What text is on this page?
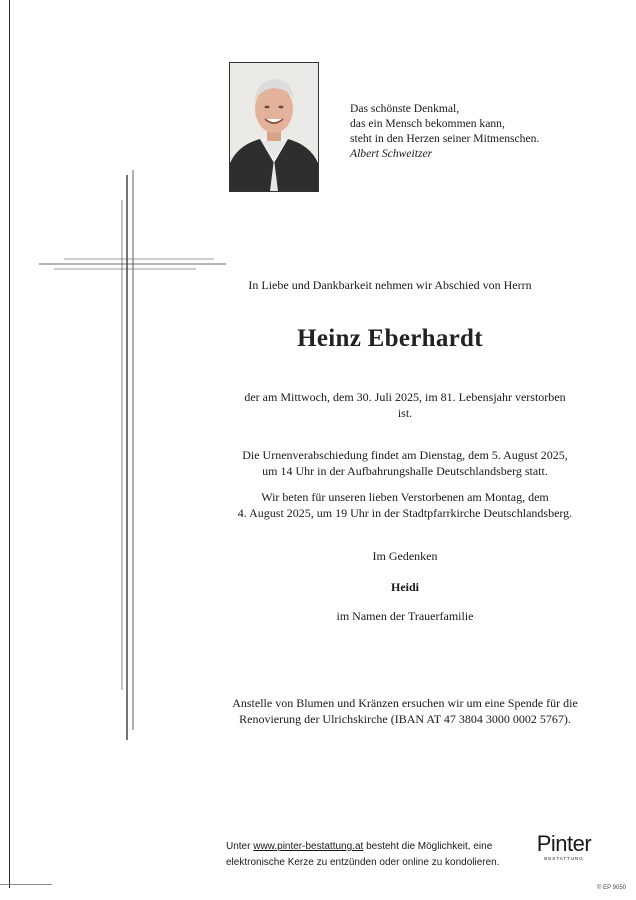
Das schönste Denkmal,
das ein Mensch bekommen kann,
steht in den Herzen seiner Mitmenschen.
Albert Schweitzer
In Liebe und Dankbarkeit nehmen wir Abschied von Herrn
Heinz Eberhardt
der am Mittwoch, dem 30. Juli 2025, im 81. Lebensjahr verstorben
ist.
Die Urnenverabschiedung findet am Dienstag, dem 5. August 2025,
um 14 Uhr in der Aufbahrungshalle Deutschlandsberg statt.
Wir beten für unseren lieben Verstorbenen am Montag, dem
4. August 2025, um 19 Uhr in der Stadtpfarrkirche Deutschlandsberg.
Im Gedenken
Heidi
im Namen der Trauerfamilie
Anstelle von Blumen und Kränzen ersuchen wir um eine Spende für die
Renovierung der Ulrichskirche (IBAN AT 47 3804 3000 0002 5767).
Unter www.pinter-bestattung.at besteht die Möglichkeit, eine
elektronische Kerze zu entzünden oder online zu kondolieren.
Pinter
BESTATTUNG
© EP 9050
